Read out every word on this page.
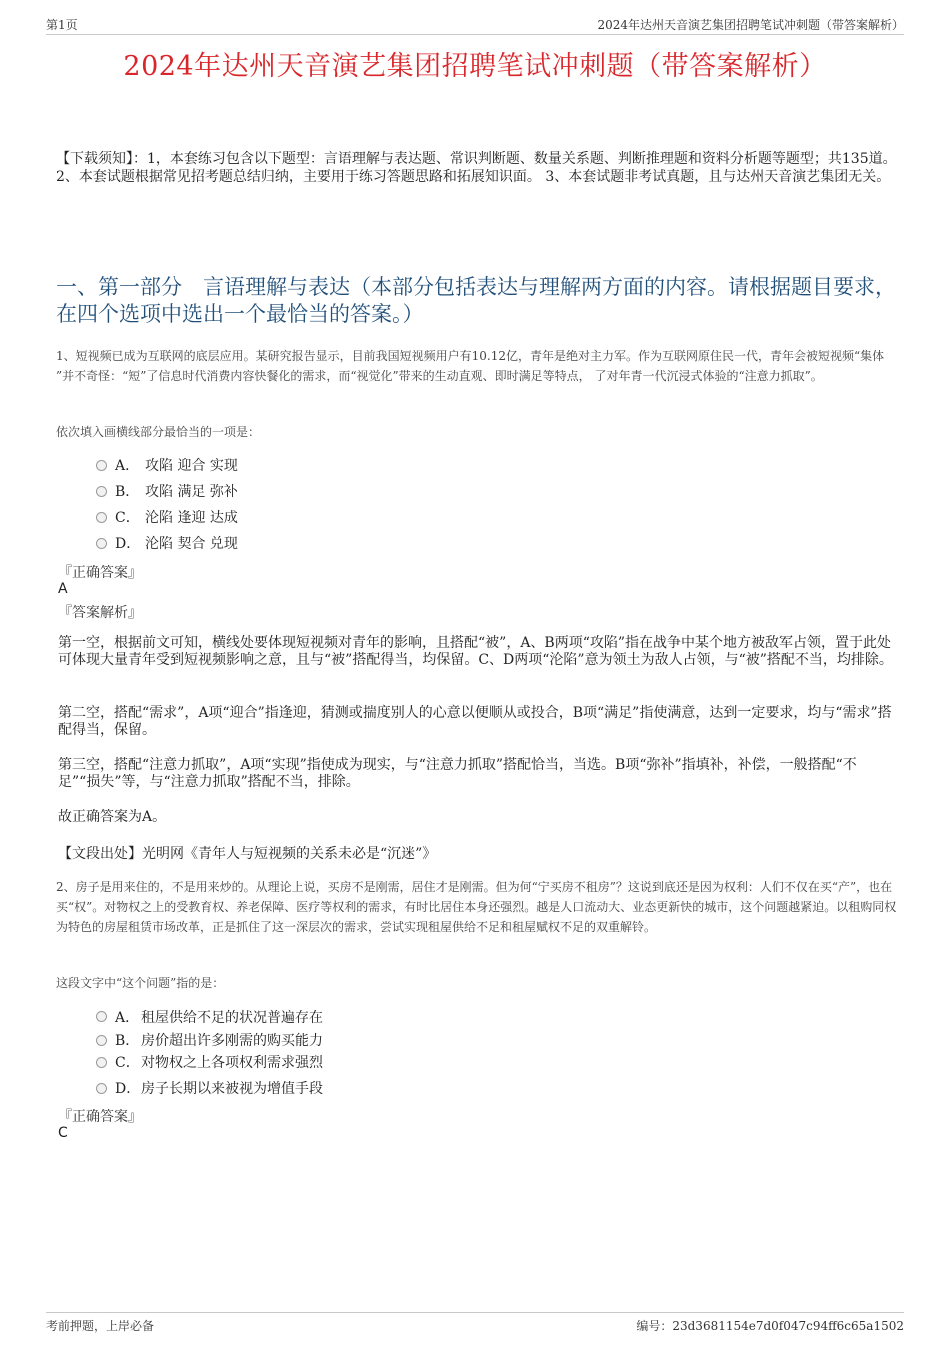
第1页	2024年达州天音演艺集团招聘笔试冲刺题（带答案解析）
2024年达州天音演艺集团招聘笔试冲刺题（带答案解析）
【下载须知】：1，本套练习包含以下题型：言语理解与表达题、常识判断题、数量关系题、判断推理题和资料分析题等题型；共135道。 2、本套试题根据常见招考题总结归纳，主要用于练习答题思路和拓展知识面。 3、本套试题非考试真题，且与达州天音演艺集团无关。
一、第一部分　言语理解与表达（本部分包括表达与理解两方面的内容。请根据题目要求，在四个选项中选出一个最恰当的答案。）
1、短视频已成为互联网的底层应用。某研究报告显示，目前我国短视频用户有10.12亿，青年是绝对主力军。作为互联网原住民一代，青年会被短视频“集体 ”并不奇怪：“短”了信息时代消费内容快餐化的需求，而“视觉化”带来的生动直观、即时满足等特点， 了对年青一代沉浸式体验的“注意力抓取”。
依次填入画横线部分最恰当的一项是：
A． 攻陷 迎合 实现
B． 攻陷 满足 弥补
C． 沦陷 逢迎 达成
D． 沦陷 契合 兑现
『正确答案』
A
『答案解析』
第一空，根据前文可知，横线处要体现短视频对青年的影响，且搭配“被”，A、B两项“攻陷”指在战争中某个地方被敌军占领，置于此处可体现大量青年受到短视频影响之意，且与“被”搭配得当，均保留。C、D两项“沦陷”意为领土为敌人占领，与“被”搭配不当，均排除。
第二空，搭配“需求”，A项“迎合”指逢迎，猜测或揣度别人的心意以便顺从或投合，B项“满足”指使满意，达到一定要求，均与“需求”搭配得当，保留。
第三空，搭配“注意力抓取”，A项“实现”指使成为现实，与“注意力抓取”搭配恰当，当选。B项“弥补”指填补，补偿，一般搭配“不足”“损失”等，与“注意力抓取”搭配不当，排除。
故正确答案为A。
【文段出处】光明网《青年人与短视频的关系未必是“沉迷”》
2、房子是用来住的，不是用来炒的。从理论上说，买房不是刚需，居住才是刚需。但为何“宁买房不租房”？这说到底还是因为权利：人们不仅在买“产”，也在买“权”。对物权之上的受教育权、养老保障、医疗等权利的需求，有时比居住本身还强烈。越是人口流动大、业态更新快的城市，这个问题越紧迫。以租购同权为特色的房屋租赁市场改革，正是抓住了这一深层次的需求，尝试实现租屋供给不足和租屋赋权不足的双重解铃。
这段文字中“这个问题”指的是：
A． 租屋供给不足的状况普遍存在
B． 房价超出许多刚需的购买能力
C． 对物权之上各项权利需求强烈
D． 房子长期以来被视为增值手段
『正确答案』
C
考前押题，上岸必备	编号：23d3681154e7d0f047c94ff6c65a1502
